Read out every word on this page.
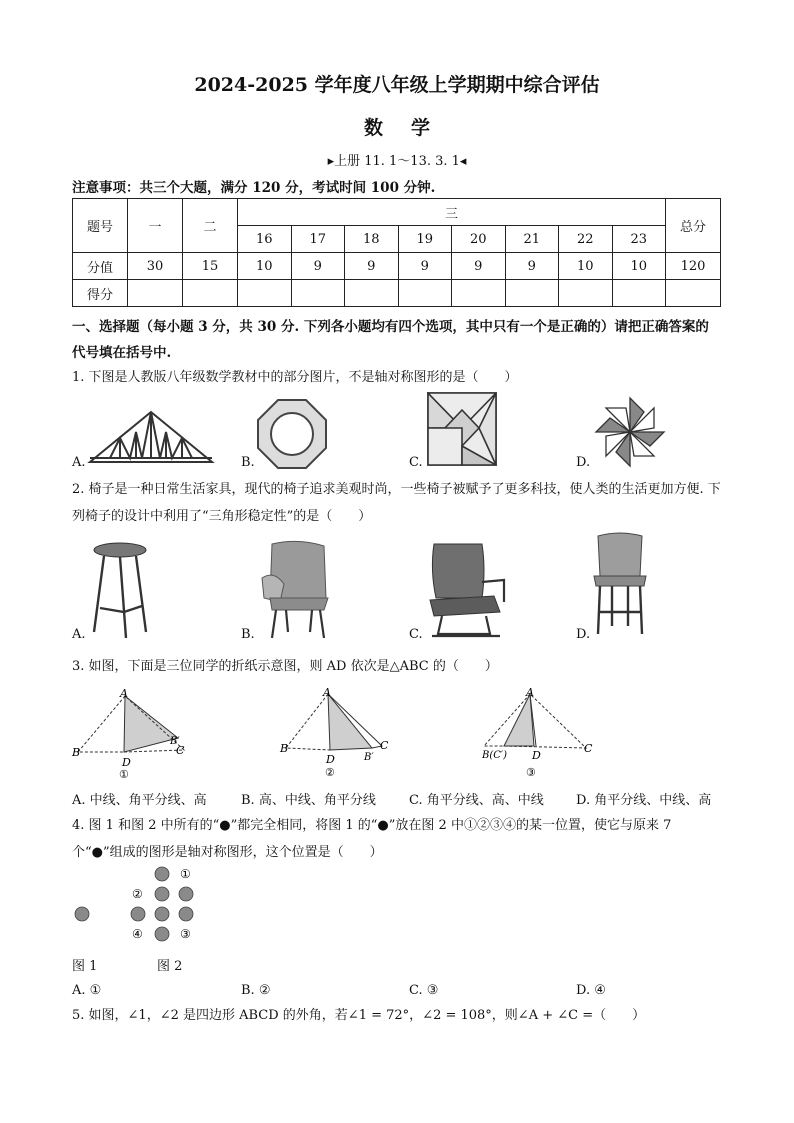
2024-2025 学年度八年级上学期期中综合评估
数学
▸上册 11. 1～13. 3. 1◂
注意事项：共三个大题，满分 120 分，考试时间 100 分钟.
题号	一	二	三								总分
			16	17	18	19	20	21	22	23	
分值	30	15	10	9	9	9	9	9	10	10	120
得分											
一、选择题（每小题 3 分，共 30 分. 下列各小题均有四个选项，其中只有一个是正确的）请把正确答案的代号填在括号中.
1. 下图是人教版八年级数学教材中的部分图片，不是轴对称图形的是（　　）
A.	B.	C.	D.
2. 椅子是一种日常生活家具，现代的椅子追求美观时尚，一些椅子被赋予了更多科技，使人类的生活更加方便. 下列椅子的设计中利用了“三角形稳定性”的是（　　）
A.	B.	C.	D.
3. 如图，下面是三位同学的折纸示意图，则 AD 依次是△ABC 的（　　）
A
B
D
B′
C
①
A
B
D	B′
C
②
A
B(C′) D
C
③
A. 中线、角平分线、高	B. 高、中线、角平分线	C. 角平分线、高、中线 D. 角平分线、中线、高
4. 图 1 和图 2 中所有的“●”都完全相同，将图 1 的“●”放在图 2 中①②③④的某一位置，使它与原来 7 个“●”组成的图形是轴对称图形，这个位置是（　　）
①
②
③
④
图 1	图 2
A. ①	B. ②	C. ③	D. ④
5. 如图，∠1，∠2 是四边形 ABCD 的外角，若∠1 = 72°，∠2 = 108°，则∠A + ∠C =（　　）
